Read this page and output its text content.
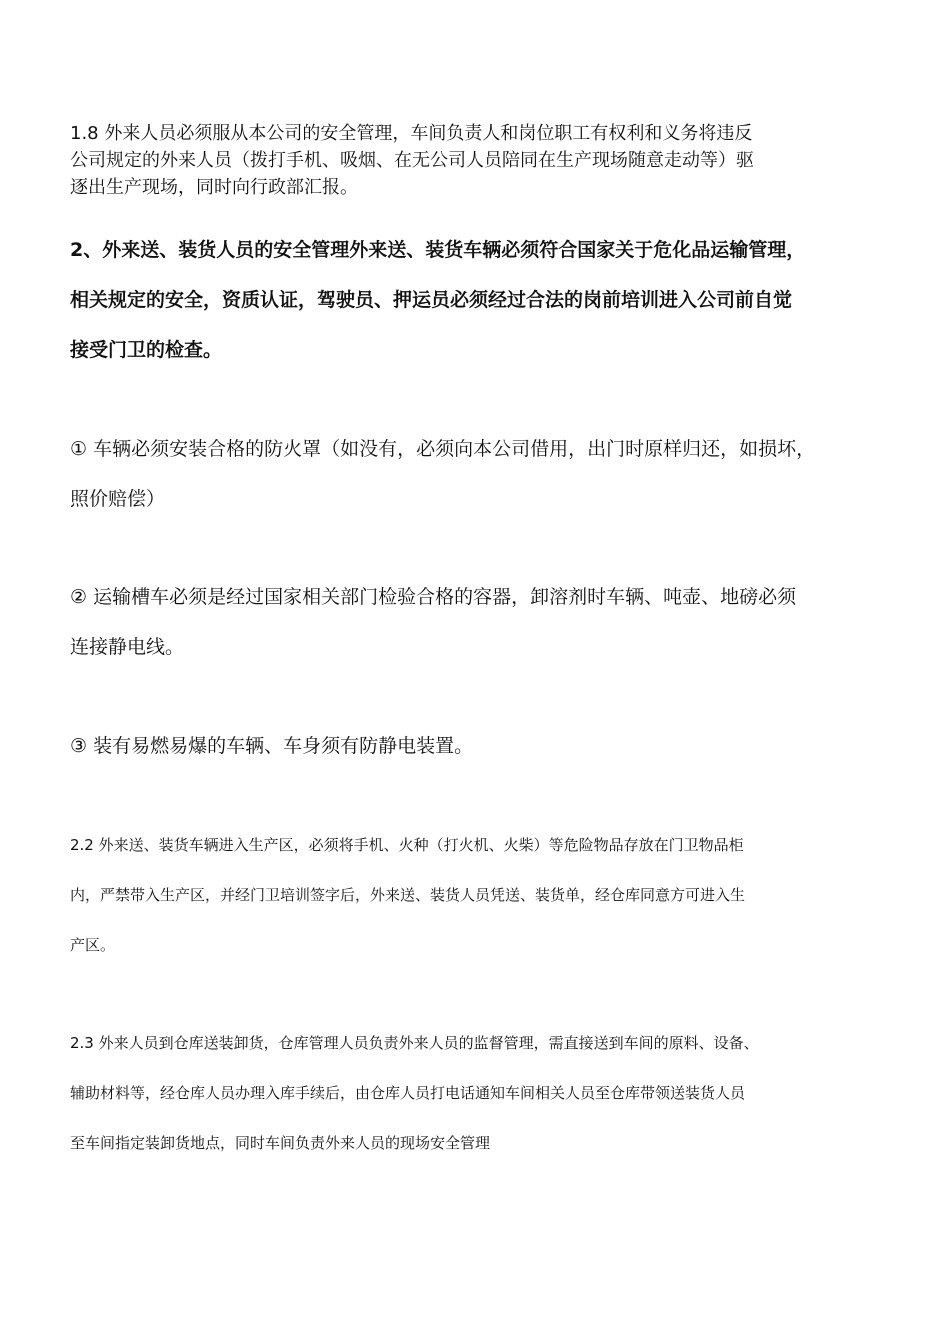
1.8 外来人员必须服从本公司的安全管理，车间负责人和岗位职工有权利和义务将违反

公司规定的外来人员（拨打手机、吸烟、在无公司人员陪同在生产现场随意走动等）驱

逐出生产现场，同时向行政部汇报。

2、外来送、装货人员的安全管理外来送、装货车辆必须符合国家关于危化品运输管理，

相关规定的安全，资质认证，驾驶员、押运员必须经过合法的岗前培训进入公司前自觉

接受门卫的检查。

① 车辆必须安装合格的防火罩（如没有，必须向本公司借用，出门时原样归还，如损坏，

照价赔偿）

② 运输槽车必须是经过国家相关部门检验合格的容器，卸溶剂时车辆、吨壶、地磅必须

连接静电线。

③ 装有易燃易爆的车辆、车身须有防静电装置。

2.2 外来送、装货车辆进入生产区，必须将手机、火种（打火机、火柴）等危险物品存放在门卫物品柜

内，严禁带入生产区，并经门卫培训签字后，外来送、装货人员凭送、装货单，经仓库同意方可进入生

产区。

2.3 外来人员到仓库送装卸货，仓库管理人员负责外来人员的监督管理，需直接送到车间的原料、设备、

辅助材料等，经仓库人员办理入库手续后，由仓库人员打电话通知车间相关人员至仓库带领送装货人员

至车间指定装卸货地点，同时车间负责外来人员的现场安全管理
